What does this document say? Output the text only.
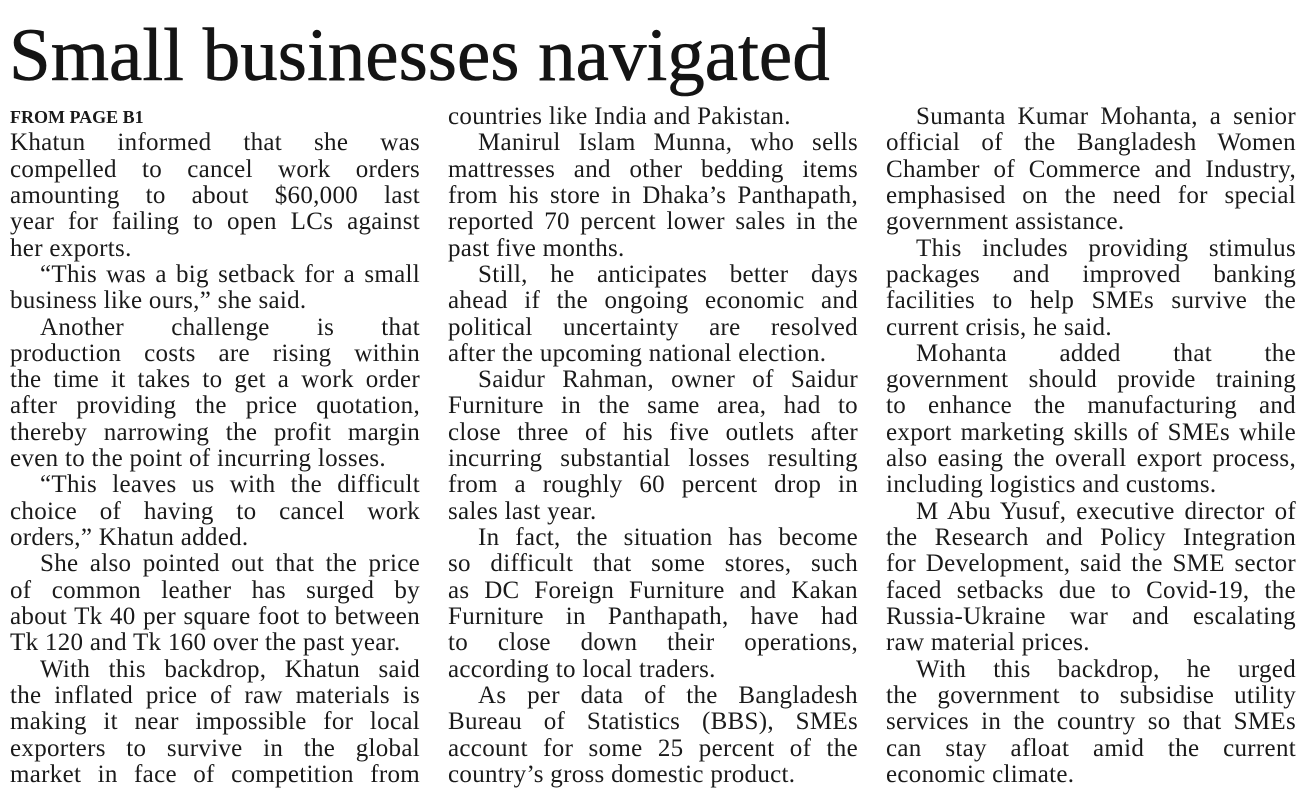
Small businesses navigated
FROM PAGE B1
Khatun informed that she was
compelled to cancel work orders
amounting to about $60,000 last
year for failing to open LCs against
her exports.
“This was a big setback for a small
business like ours,” she said.
Another challenge is that
production costs are rising within
the time it takes to get a work order
after providing the price quotation,
thereby narrowing the profit margin
even to the point of incurring losses.
“This leaves us with the difficult
choice of having to cancel work
orders,” Khatun added.
She also pointed out that the price
of common leather has surged by
about Tk 40 per square foot to between
Tk 120 and Tk 160 over the past year.
With this backdrop, Khatun said
the inflated price of raw materials is
making it near impossible for local
exporters to survive in the global
market in face of competition from
countries like India and Pakistan.
Manirul Islam Munna, who sells
mattresses and other bedding items
from his store in Dhaka’s Panthapath,
reported 70 percent lower sales in the
past five months.
Still, he anticipates better days
ahead if the ongoing economic and
political uncertainty are resolved
after the upcoming national election.
Saidur Rahman, owner of Saidur
Furniture in the same area, had to
close three of his five outlets after
incurring substantial losses resulting
from a roughly 60 percent drop in
sales last year.
In fact, the situation has become
so difficult that some stores, such
as DC Foreign Furniture and Kakan
Furniture in Panthapath, have had
to close down their operations,
according to local traders.
As per data of the Bangladesh
Bureau of Statistics (BBS), SMEs
account for some 25 percent of the
country’s gross domestic product.
Sumanta Kumar Mohanta, a senior
official of the Bangladesh Women
Chamber of Commerce and Industry,
emphasised on the need for special
government assistance.
This includes providing stimulus
packages and improved banking
facilities to help SMEs survive the
current crisis, he said.
Mohanta added that the
government should provide training
to enhance the manufacturing and
export marketing skills of SMEs while
also easing the overall export process,
including logistics and customs.
M Abu Yusuf, executive director of
the Research and Policy Integration
for Development, said the SME sector
faced setbacks due to Covid-19, the
Russia-Ukraine war and escalating
raw material prices.
With this backdrop, he urged
the government to subsidise utility
services in the country so that SMEs
can stay afloat amid the current
economic climate.
